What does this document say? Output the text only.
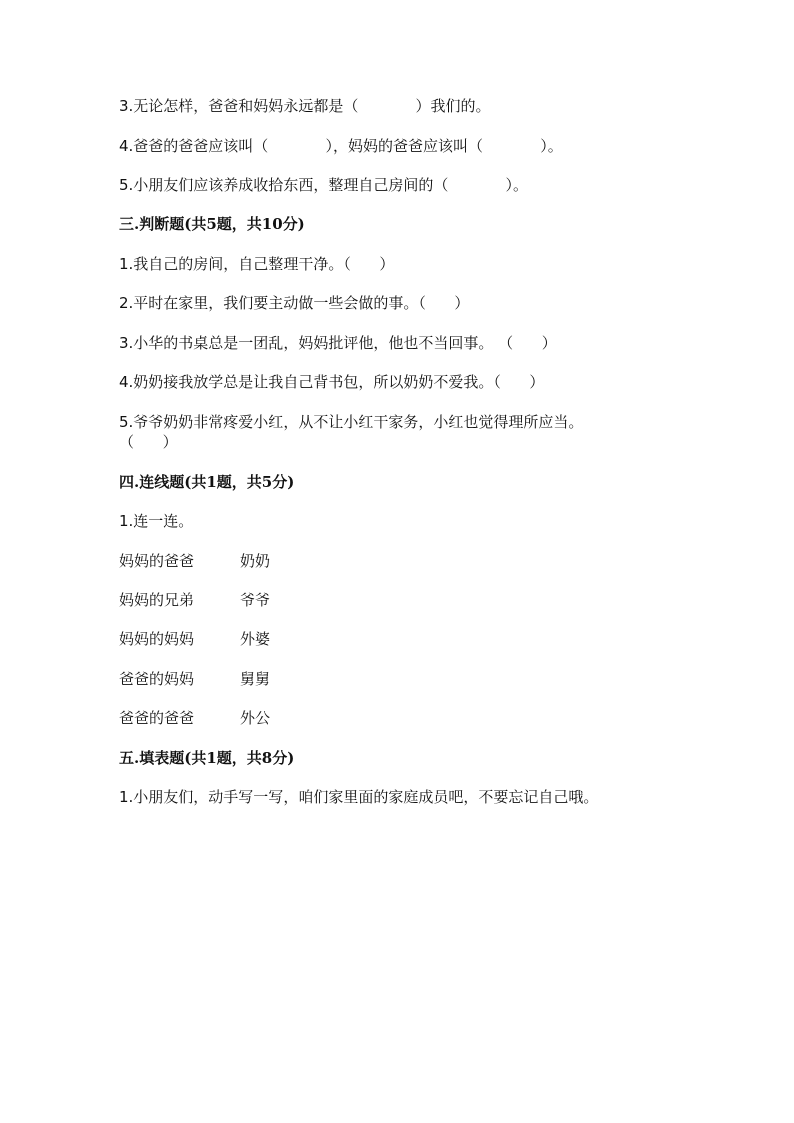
3.无论怎样，爸爸和妈妈永远都是（            ）我们的。
4.爸爸的爸爸应该叫（            ），妈妈的爸爸应该叫（            ）。
5.小朋友们应该养成收拾东西，整理自己房间的（            ）。
三.判断题(共5题，共10分)
1.我自己的房间，自己整理干净。（      ）
2.平时在家里，我们要主动做一些会做的事。（      ）
3.小华的书桌总是一团乱，妈妈批评他，他也不当回事。 （      ）
4.奶奶接我放学总是让我自己背书包，所以奶奶不爱我。（      ）
5.爷爷奶奶非常疼爱小红，从不让小红干家务，小红也觉得理所应当。
（      ）
四.连线题(共1题，共5分)
1.连一连。
妈妈的爸爸	奶奶
妈妈的兄弟	爷爷
妈妈的妈妈	外婆
爸爸的妈妈	舅舅
爸爸的爸爸	外公
五.填表题(共1题，共8分)
1.小朋友们，动手写一写，咱们家里面的家庭成员吧，不要忘记自己哦。
